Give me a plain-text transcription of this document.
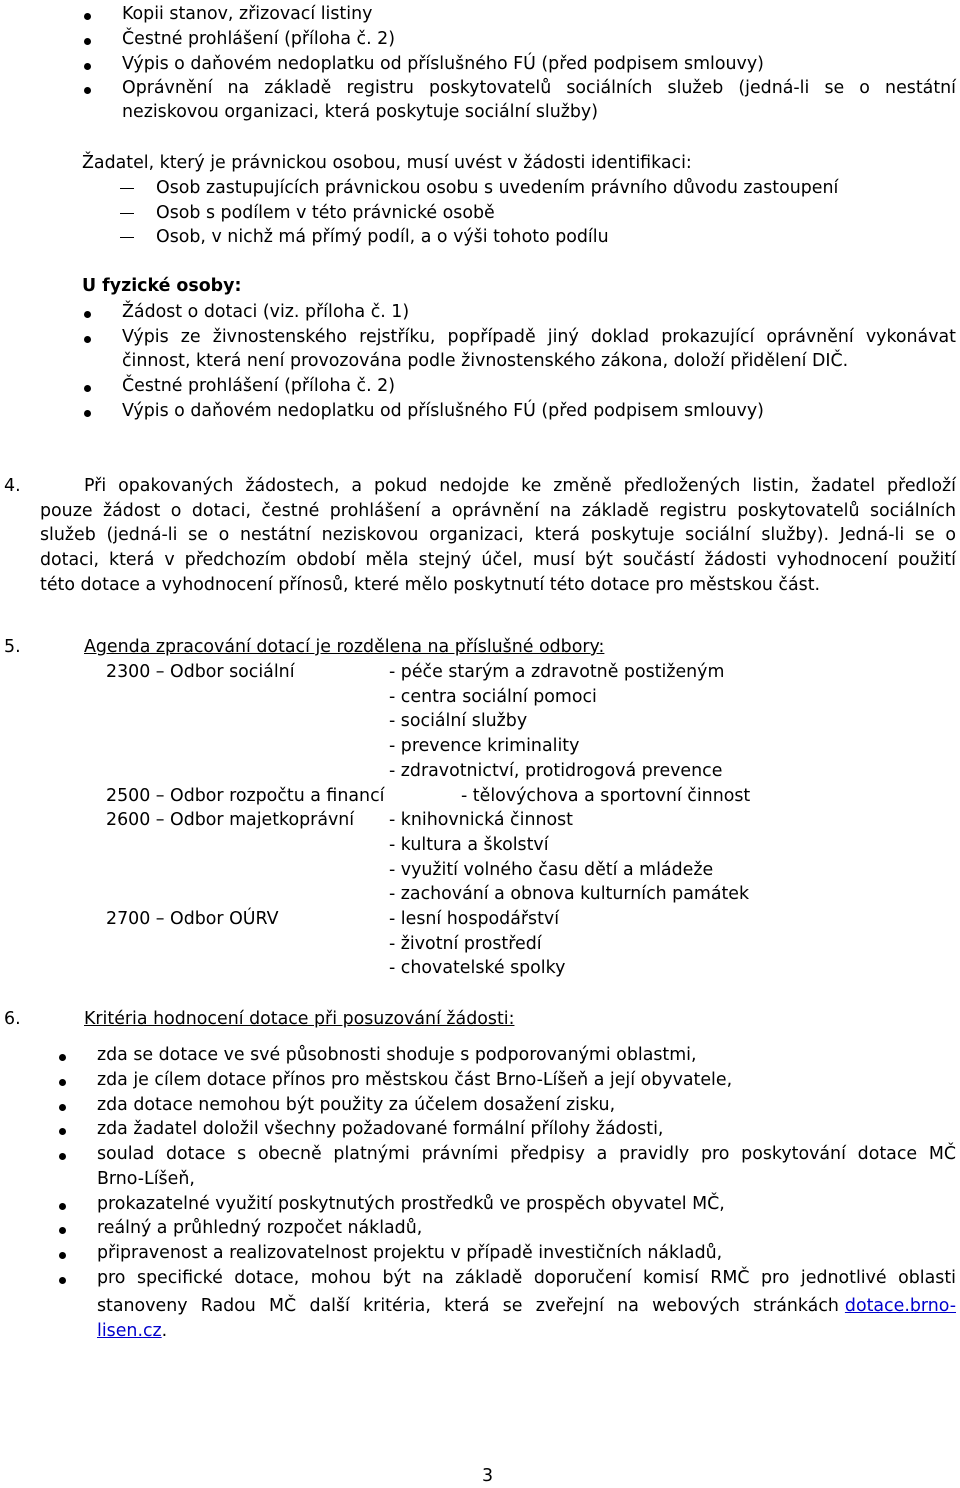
Kopii stanov, zřizovací listiny
Čestné prohlášení (příloha č. 2)
Výpis o daňovém nedoplatku od příslušného FÚ (před podpisem smlouvy)
Oprávnění na základě registru poskytovatelů sociálních služeb (jedná-li se o nestátní
neziskovou organizaci, která poskytuje sociální služby)
Žadatel, který je právnickou osobou, musí uvést v žádosti identifikaci:
Osob zastupujících právnickou osobu s uvedením právního důvodu zastoupení
Osob s podílem v této právnické osobě
Osob, v nichž má přímý podíl, a o výši tohoto podílu
U fyzické osoby:
Žádost o dotaci (viz. příloha č. 1)
Výpis ze živnostenského rejstříku, popřípadě jiný doklad prokazující oprávnění vykonávat
činnost, která není provozována podle živnostenského zákona, doloží přidělení DIČ.
Čestné prohlášení (příloha č. 2)
Výpis o daňovém nedoplatku od příslušného FÚ (před podpisem smlouvy)
4.	Při opakovaných žádostech, a pokud nedojde ke změně předložených listin, žadatel předloží
pouze žádost o dotaci, čestné prohlášení a oprávnění na základě registru poskytovatelů sociálních
služeb (jedná-li se o nestátní neziskovou organizaci, která poskytuje sociální služby). Jedná-li se o
dotaci, která v předchozím období měla stejný účel, musí být součástí žádosti vyhodnocení použití
této dotace a vyhodnocení přínosů, které mělo poskytnutí této dotace pro městskou část.
5.	Agenda zpracování dotací je rozdělena na příslušné odbory:
2300 – Odbor sociální	- péče starým a zdravotně postiženým
- centra sociální pomoci
- sociální služby
- prevence kriminality
- zdravotnictví, protidrogová prevence
2500 – Odbor rozpočtu a financí	- tělovýchova a sportovní činnost
2600 – Odbor majetkoprávní - knihovnická činnost
- kultura a školství
- využití volného času dětí a mládeže
- zachování a obnova kulturních památek
2700 – Odbor OÚRV	- lesní hospodářství
- životní prostředí
- chovatelské spolky
6.	Kritéria hodnocení dotace při posuzování žádosti:
zda se dotace ve své působnosti shoduje s podporovanými oblastmi,
zda je cílem dotace přínos pro městskou část Brno-Líšeň a její obyvatele,
zda dotace nemohou být použity za účelem dosažení zisku,
zda žadatel doložil všechny požadované formální přílohy žádosti,
soulad dotace s obecně platnými právními předpisy a pravidly pro poskytování dotace MČ
Brno-Líšeň,
prokazatelné využití poskytnutých prostředků ve prospěch obyvatel MČ,
reálný a průhledný rozpočet nákladů,
připravenost a realizovatelnost projektu v případě investičních nákladů,
pro specifické dotace, mohou být na základě doporučení komisí RMČ pro jednotlivé oblasti
stanoveny Radou MČ další kritéria, která se zveřejní na webových stránkách dotace.brno-
lisen.cz.
3
